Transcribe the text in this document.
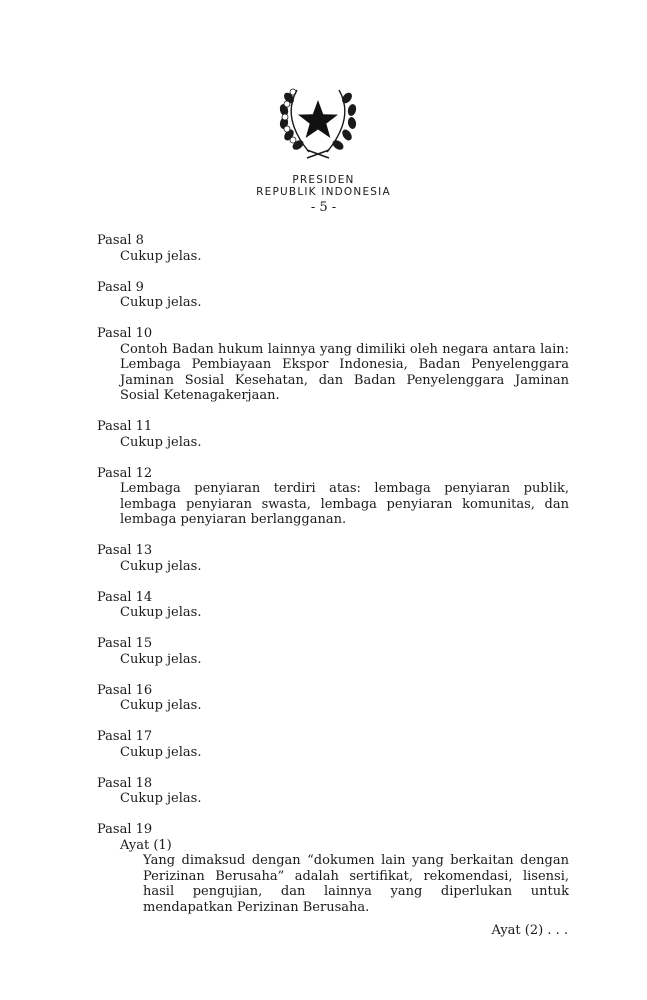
PRESIDEN
REPUBLIK INDONESIA
- 5 -
Pasal 8
Cukup jelas.
Pasal 9
Cukup jelas.
Pasal 10
Contoh Badan hukum lainnya yang dimiliki oleh negara antara lain: Lembaga Pembiayaan Ekspor Indonesia, Badan Penyelenggara Jaminan Sosial Kesehatan, dan Badan Penyelenggara Jaminan Sosial Ketenagakerjaan.
Pasal 11
Cukup jelas.
Pasal 12
Lembaga penyiaran terdiri atas: lembaga penyiaran publik, lembaga penyiaran swasta, lembaga penyiaran komunitas, dan lembaga penyiaran berlangganan.
Pasal 13
Cukup jelas.
Pasal 14
Cukup jelas.
Pasal 15
Cukup jelas.
Pasal 16
Cukup jelas.
Pasal 17
Cukup jelas.
Pasal 18
Cukup jelas.
Pasal 19
Ayat (1)
Yang dimaksud dengan “dokumen lain yang berkaitan dengan Perizinan Berusaha” adalah sertifikat, rekomendasi, lisensi, hasil pengujian, dan lainnya yang diperlukan untuk mendapatkan Perizinan Berusaha.
Ayat (2) . . .
